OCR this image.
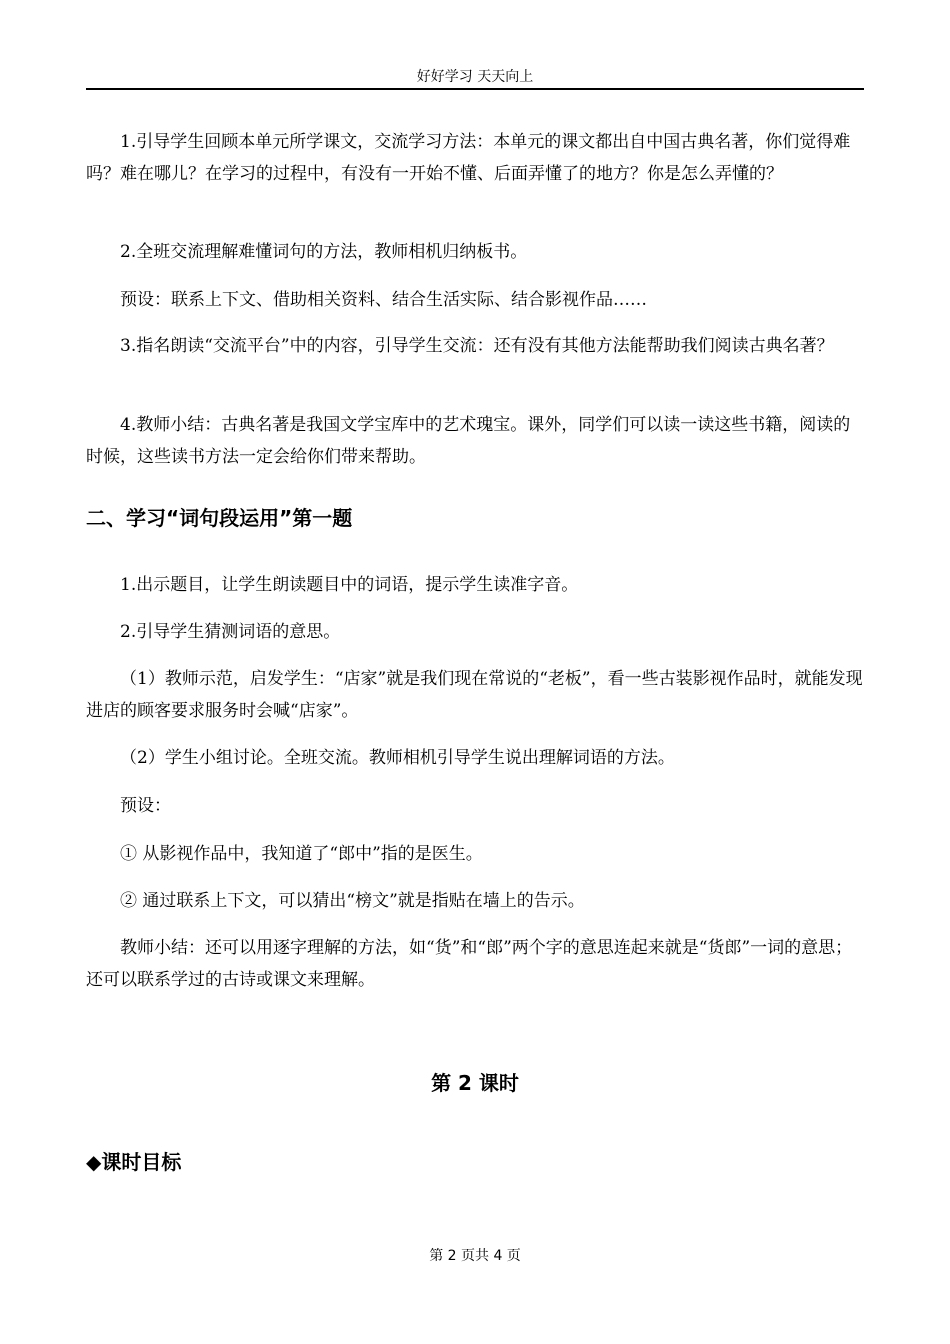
好好学习 天天向上

1.引导学生回顾本单元所学课文，交流学习方法：本单元的课文都出自中国古典名著，你们觉得难吗？难在哪儿？在学习的过程中，有没有一开始不懂、后面弄懂了的地方？你是怎么弄懂的？

2.全班交流理解难懂词句的方法，教师相机归纳板书。

预设：联系上下文、借助相关资料、结合生活实际、结合影视作品……

3.指名朗读“交流平台”中的内容，引导学生交流：还有没有其他方法能帮助我们阅读古典名著？

4.教师小结：古典名著是我国文学宝库中的艺术瑰宝。课外，同学们可以读一读这些书籍，阅读的时候，这些读书方法一定会给你们带来帮助。

二、学习“词句段运用”第一题

1.出示题目，让学生朗读题目中的词语，提示学生读准字音。

2.引导学生猜测词语的意思。

（1）教师示范，启发学生：“店家”就是我们现在常说的“老板”，看一些古装影视作品时，就能发现进店的顾客要求服务时会喊“店家”。

（2）学生小组讨论。全班交流。教师相机引导学生说出理解词语的方法。

预设：

① 从影视作品中，我知道了“郎中”指的是医生。

② 通过联系上下文，可以猜出“榜文”就是指贴在墙上的告示。

教师小结：还可以用逐字理解的方法，如“货”和“郎”两个字的意思连起来就是“货郎”一词的意思；还可以联系学过的古诗或课文来理解。

第 2 课时
◆课时目标
第 2 页共 4 页
